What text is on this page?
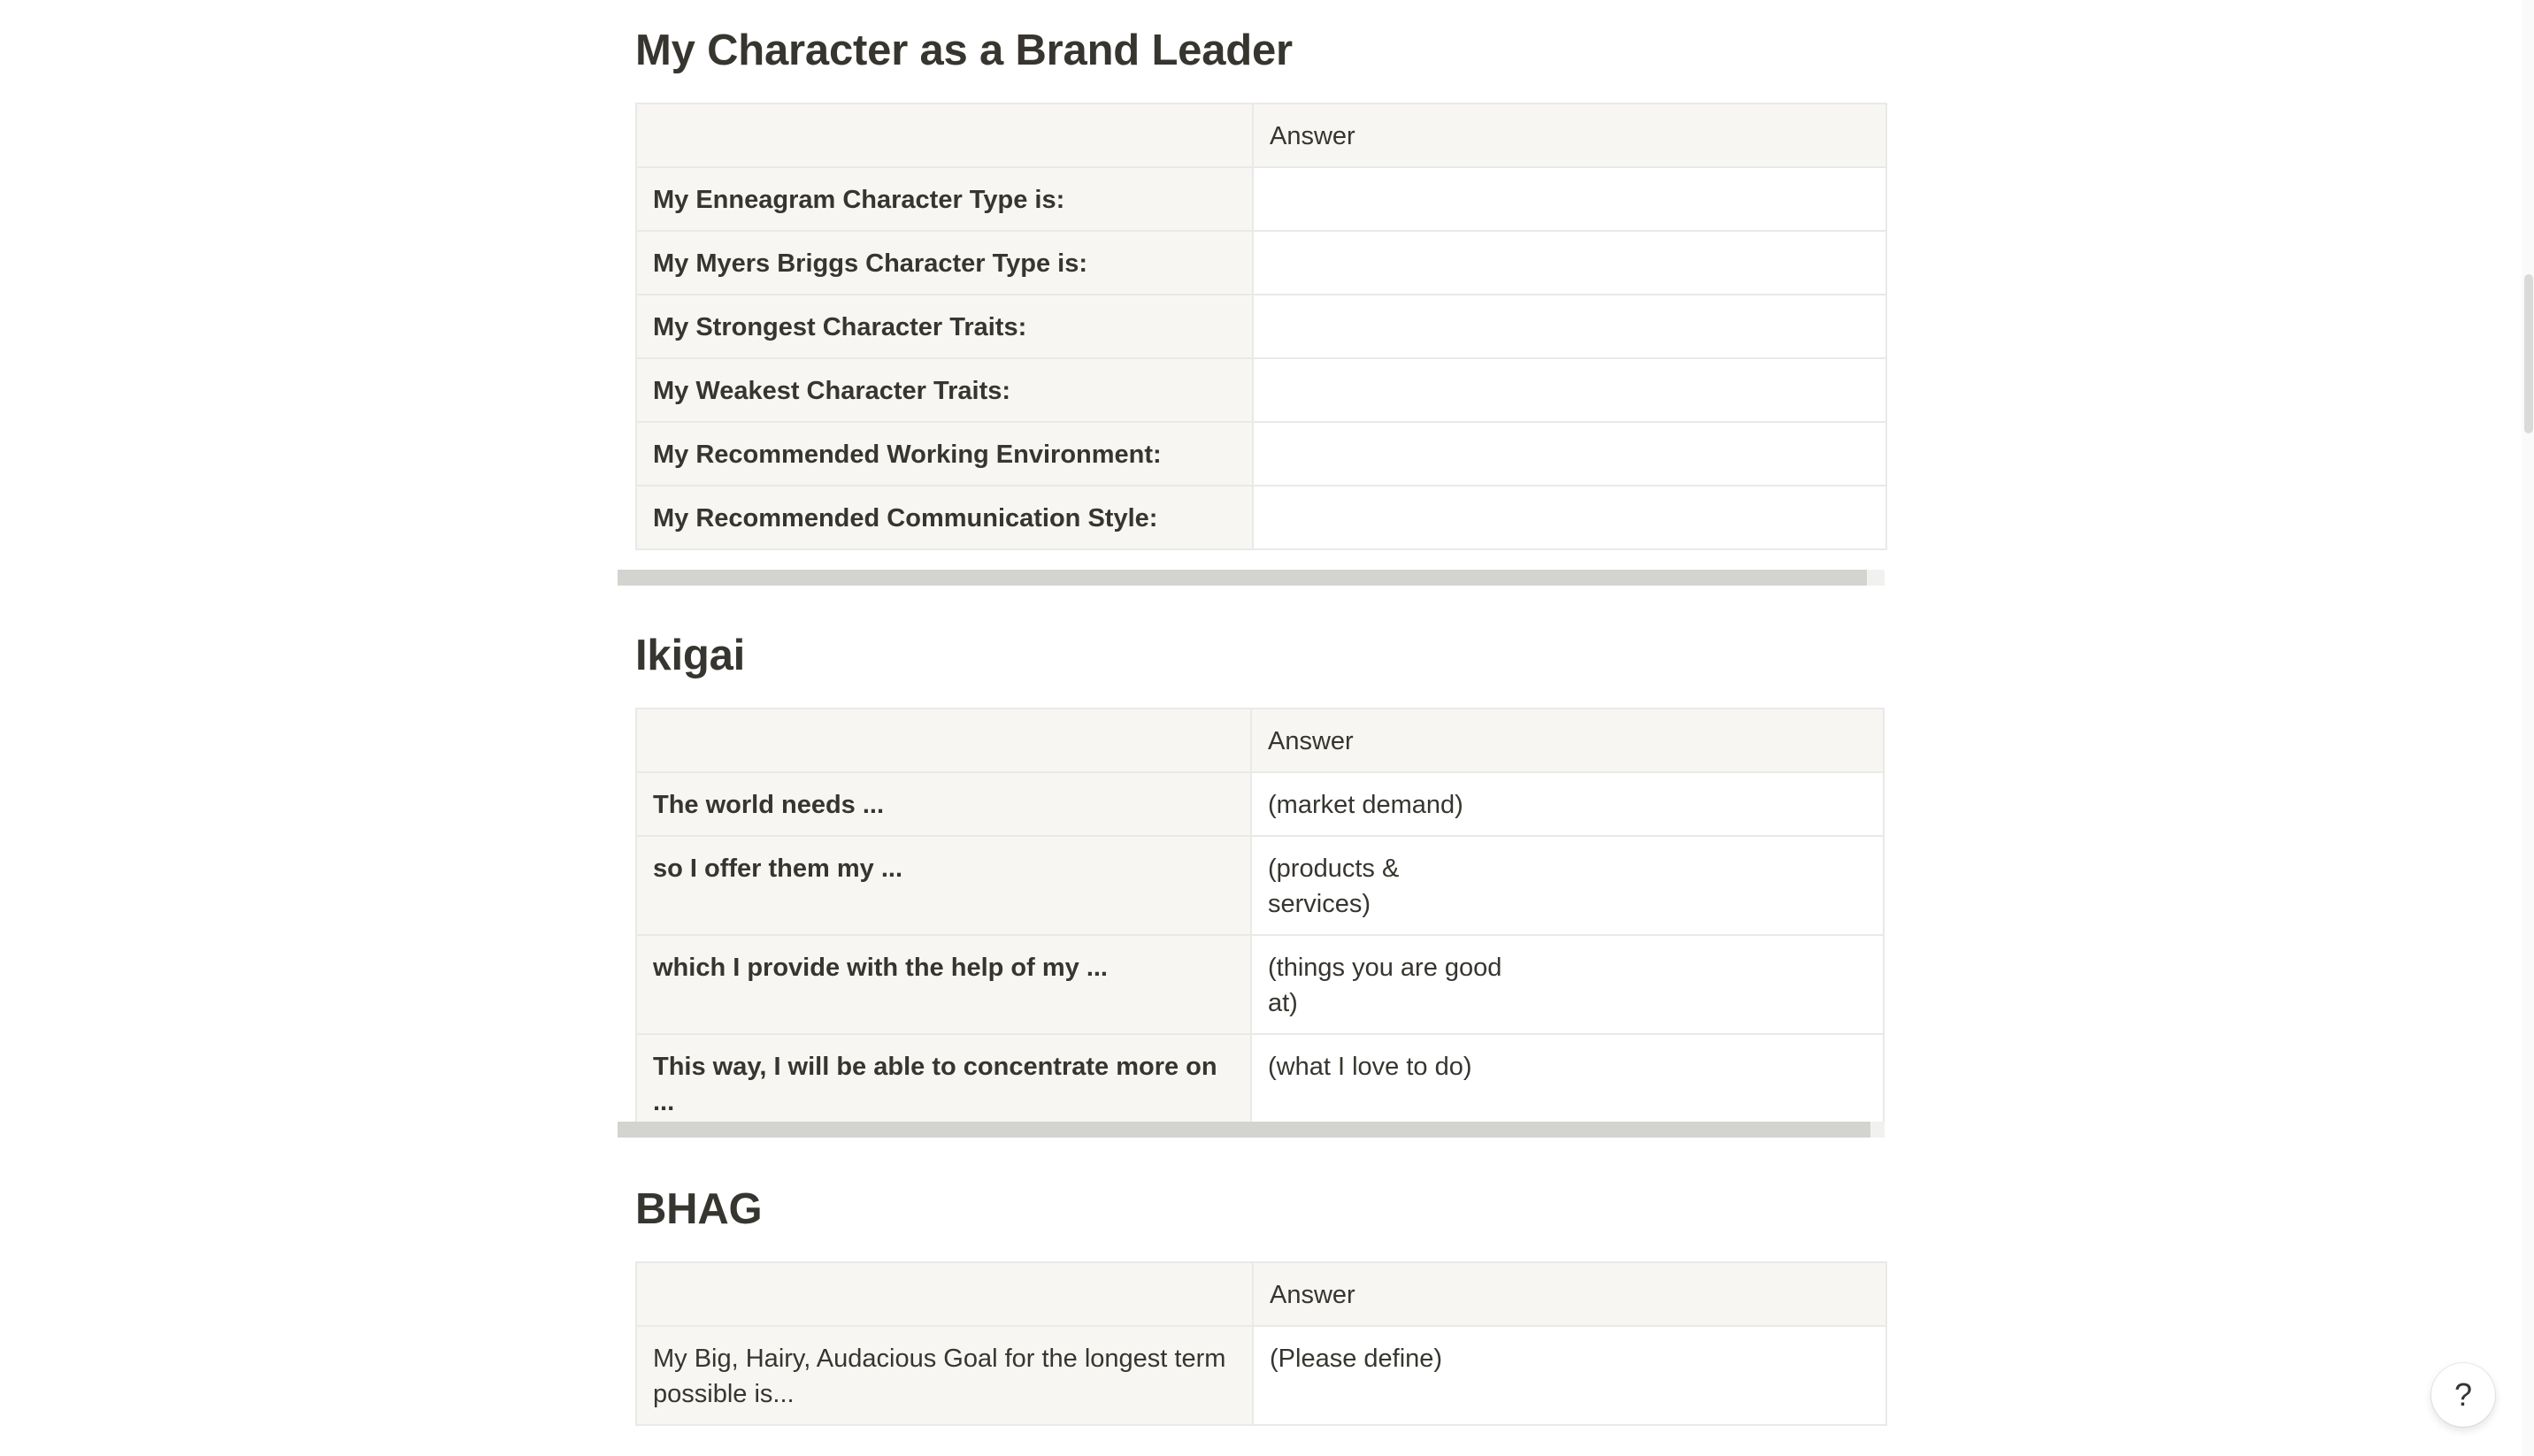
My Character as a Brand Leader
	Answer
My Enneagram Character Type is:	
My Myers Briggs Character Type is:	
My Strongest Character Traits:	
My Weakest Character Traits:	
My Recommended Working Environment:	
My Recommended Communication Style:	
Ikigai
	Answer
The world needs ...	(market demand)
so I offer them my ...	(products &
services)

which I provide with the help of my ...	(things you are good
at)

This way, I will be able to concentrate more on ...	(what I love to do)
BHAG
	Answer

My Big, Hairy, Audacious Goal for the longest term
possible is...	(Please define)
?
